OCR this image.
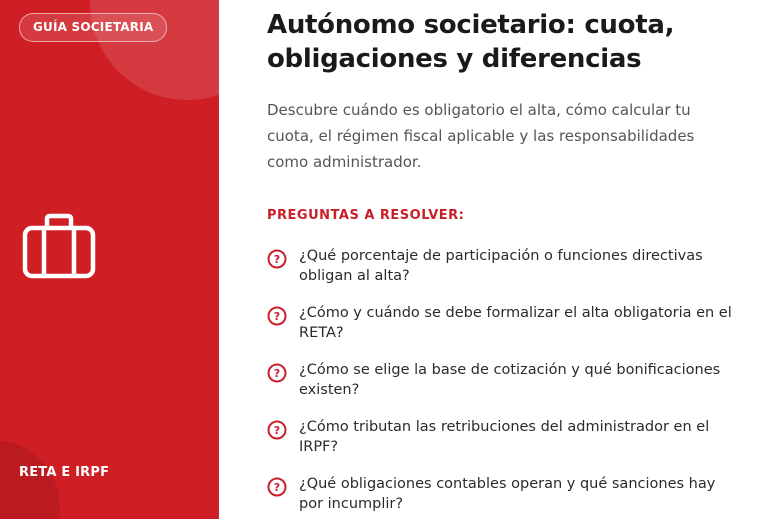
GUÍA SOCIETARIA
RETA E IRPF
Autónomo societario: cuota, obligaciones y diferencias

Descubre cuándo es obligatorio el alta, cómo calcular tu cuota, el régimen fiscal aplicable y las responsabilidades como administrador.

PREGUNTAS A RESOLVER:
? ¿Qué porcentaje de participación o funciones directivas obligan al alta?
? ¿Cómo y cuándo se debe formalizar el alta obligatoria en el RETA?
? ¿Cómo se elige la base de cotización y qué bonificaciones existen?
? ¿Cómo tributan las retribuciones del administrador en el IRPF?
? ¿Qué obligaciones contables operan y qué sanciones hay por incumplir?
